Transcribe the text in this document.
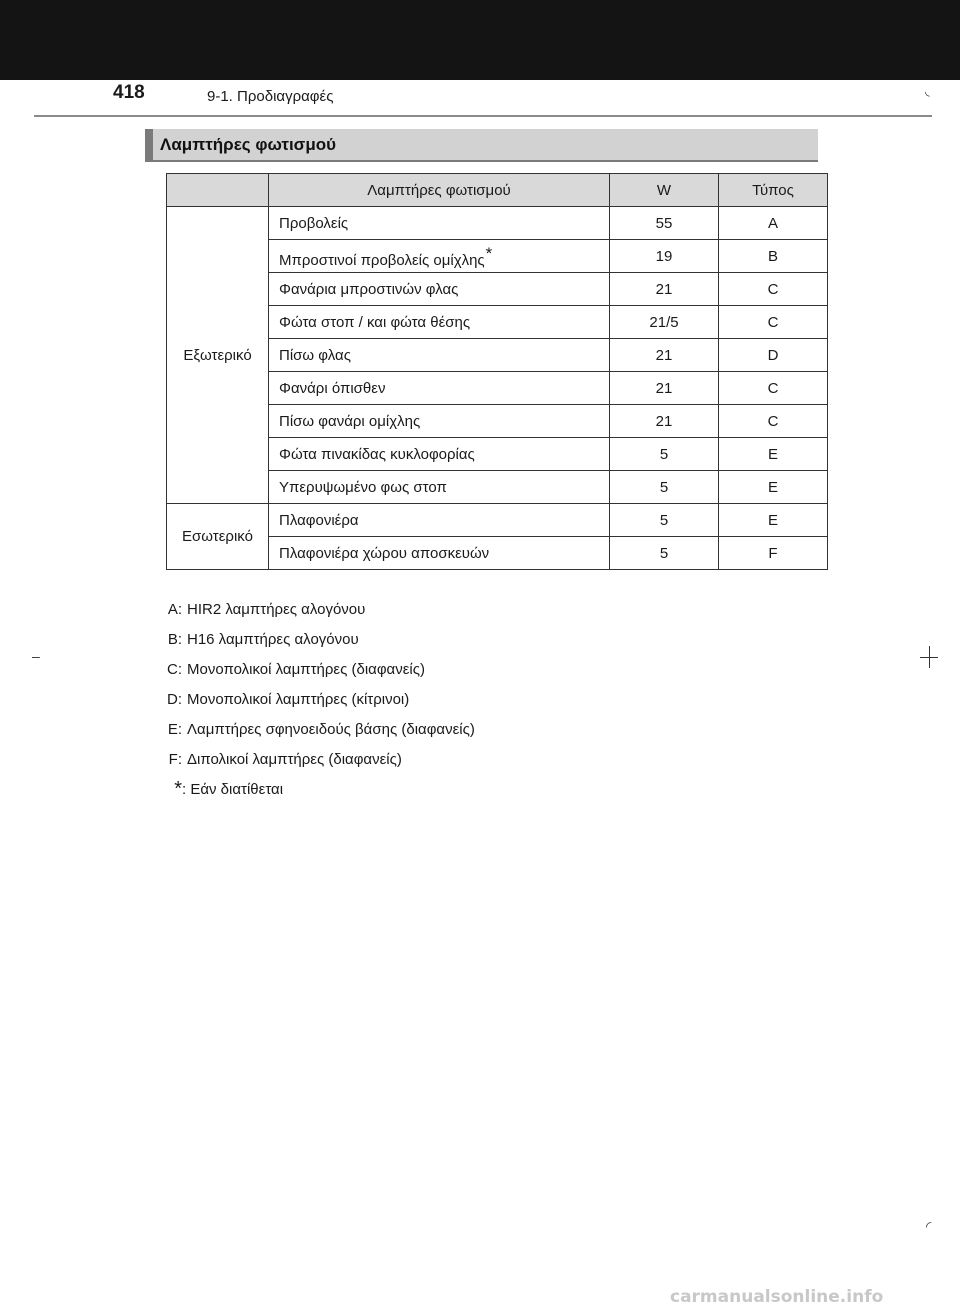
418	9-1. Προδιαγραφές	◟
Λαμπτήρες φωτισμού
	Λαμπτήρες φωτισμού	W	Τύπος
Εξωτερικό	Προβολείς	55	A
	Μπροστινοί προβολείς ομίχλης*	19	B
	Φανάρια μπροστινών φλας	21	C
	Φώτα στοπ / και φώτα θέσης	21/5	C
	Πίσω φλας	21	D
	Φανάρι όπισθεν	21	C
	Πίσω φανάρι ομίχλης	21	C
	Φώτα πινακίδας κυκλοφορίας	5	E
	Υπερυψωμένο φως στοπ	5	E
Εσωτερικό	Πλαφονιέρα	5	E
	Πλαφονιέρα χώρου αποσκευών	5	F
A: HIR2 λαμπτήρες αλογόνου
B: H16 λαμπτήρες αλογόνου
C: Μονοπολικοί λαμπτήρες (διαφανείς)
D: Μονοπολικοί λαμπτήρες (κίτρινοι)
E: Λαμπτήρες σφηνοειδούς βάσης (διαφανείς)
F: Διπολικοί λαμπτήρες (διαφανείς)
* : Εάν διατίθεται
–
◜
carmanualsonline.info
